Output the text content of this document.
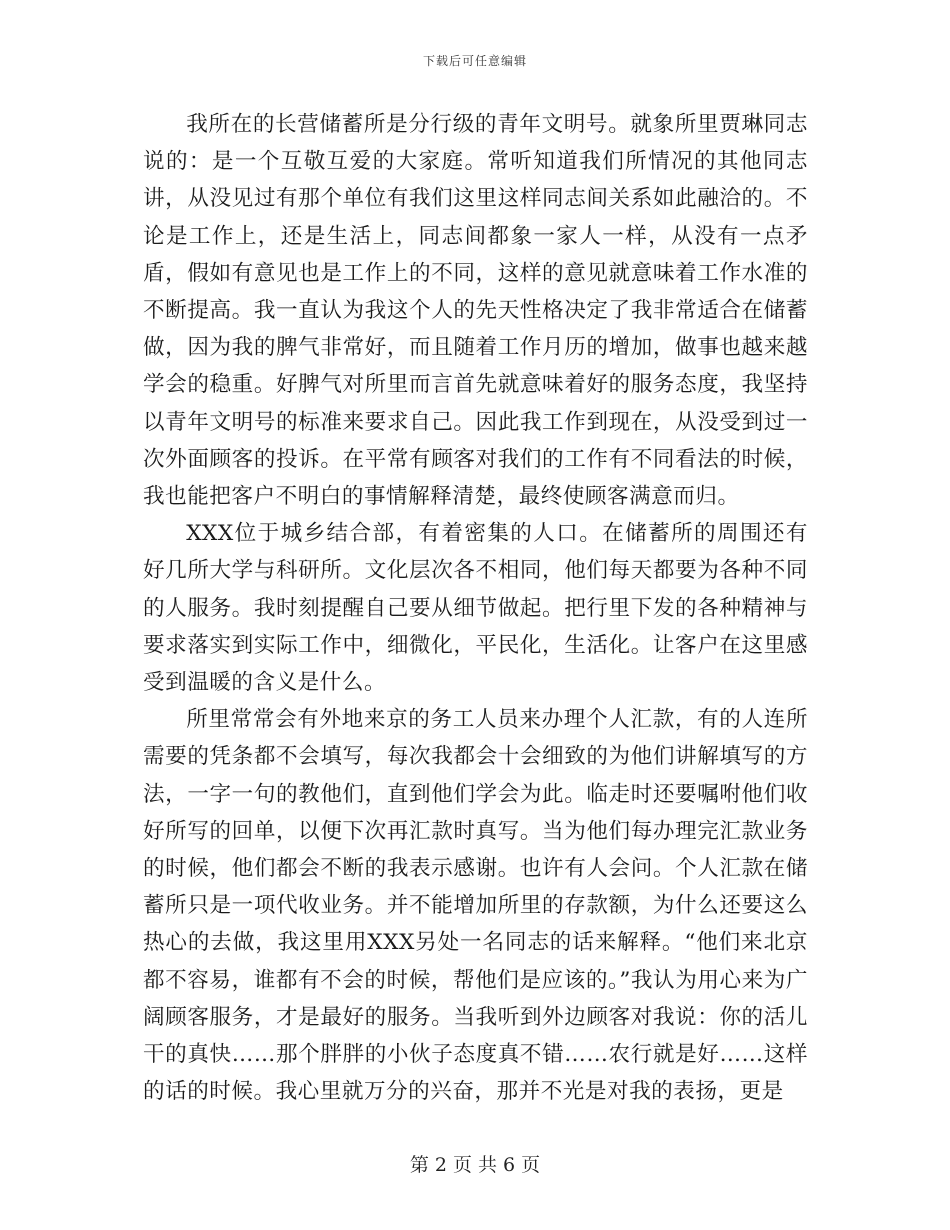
下载后可任意编辑

我所在的长营储蓄所是分行级的青年文明号。就象所里贾琳同志说的：是一个互敬互爱的大家庭。常听知道我们所情况的其他同志讲，从没见过有那个单位有我们这里这样同志间关系如此融洽的。不论是工作上，还是生活上，同志间都象一家人一样，从没有一点矛盾，假如有意见也是工作上的不同，这样的意见就意味着工作水准的不断提高。我一直认为我这个人的先天性格决定了我非常适合在储蓄做，因为我的脾气非常好，而且随着工作月历的增加，做事也越来越学会的稳重。好脾气对所里而言首先就意味着好的服务态度，我坚持以青年文明号的标准来要求自己。因此我工作到现在，从没受到过一次外面顾客的投诉。在平常有顾客对我们的工作有不同看法的时候，我也能把客户不明白的事情解释清楚，最终使顾客满意而归。

XXX位于城乡结合部，有着密集的人口。在储蓄所的周围还有好几所大学与科研所。文化层次各不相同，他们每天都要为各种不同的人服务。我时刻提醒自己要从细节做起。把行里下发的各种精神与要求落实到实际工作中，细微化，平民化，生活化。让客户在这里感受到温暖的含义是什么。

所里常常会有外地来京的务工人员来办理个人汇款，有的人连所需要的凭条都不会填写，每次我都会十会细致的为他们讲解填写的方法，一字一句的教他们，直到他们学会为此。临走时还要嘱咐他们收好所写的回单，以便下次再汇款时真写。当为他们每办理完汇款业务的时候，他们都会不断的我表示感谢。也许有人会问。个人汇款在储蓄所只是一项代收业务。并不能增加所里的存款额，为什么还要这么热心的去做，我这里用XXX另处一名同志的话来解释。“他们来北京都不容易，谁都有不会的时候，帮他们是应该的。”我认为用心来为广阔顾客服务，才是最好的服务。当我听到外边顾客对我说：你的活儿干的真快……那个胖胖的小伙子态度真不错……农行就是好……这样的话的时候。我心里就万分的兴奋，那并不光是对我的表扬，更是

第 2 页 共 6 页
